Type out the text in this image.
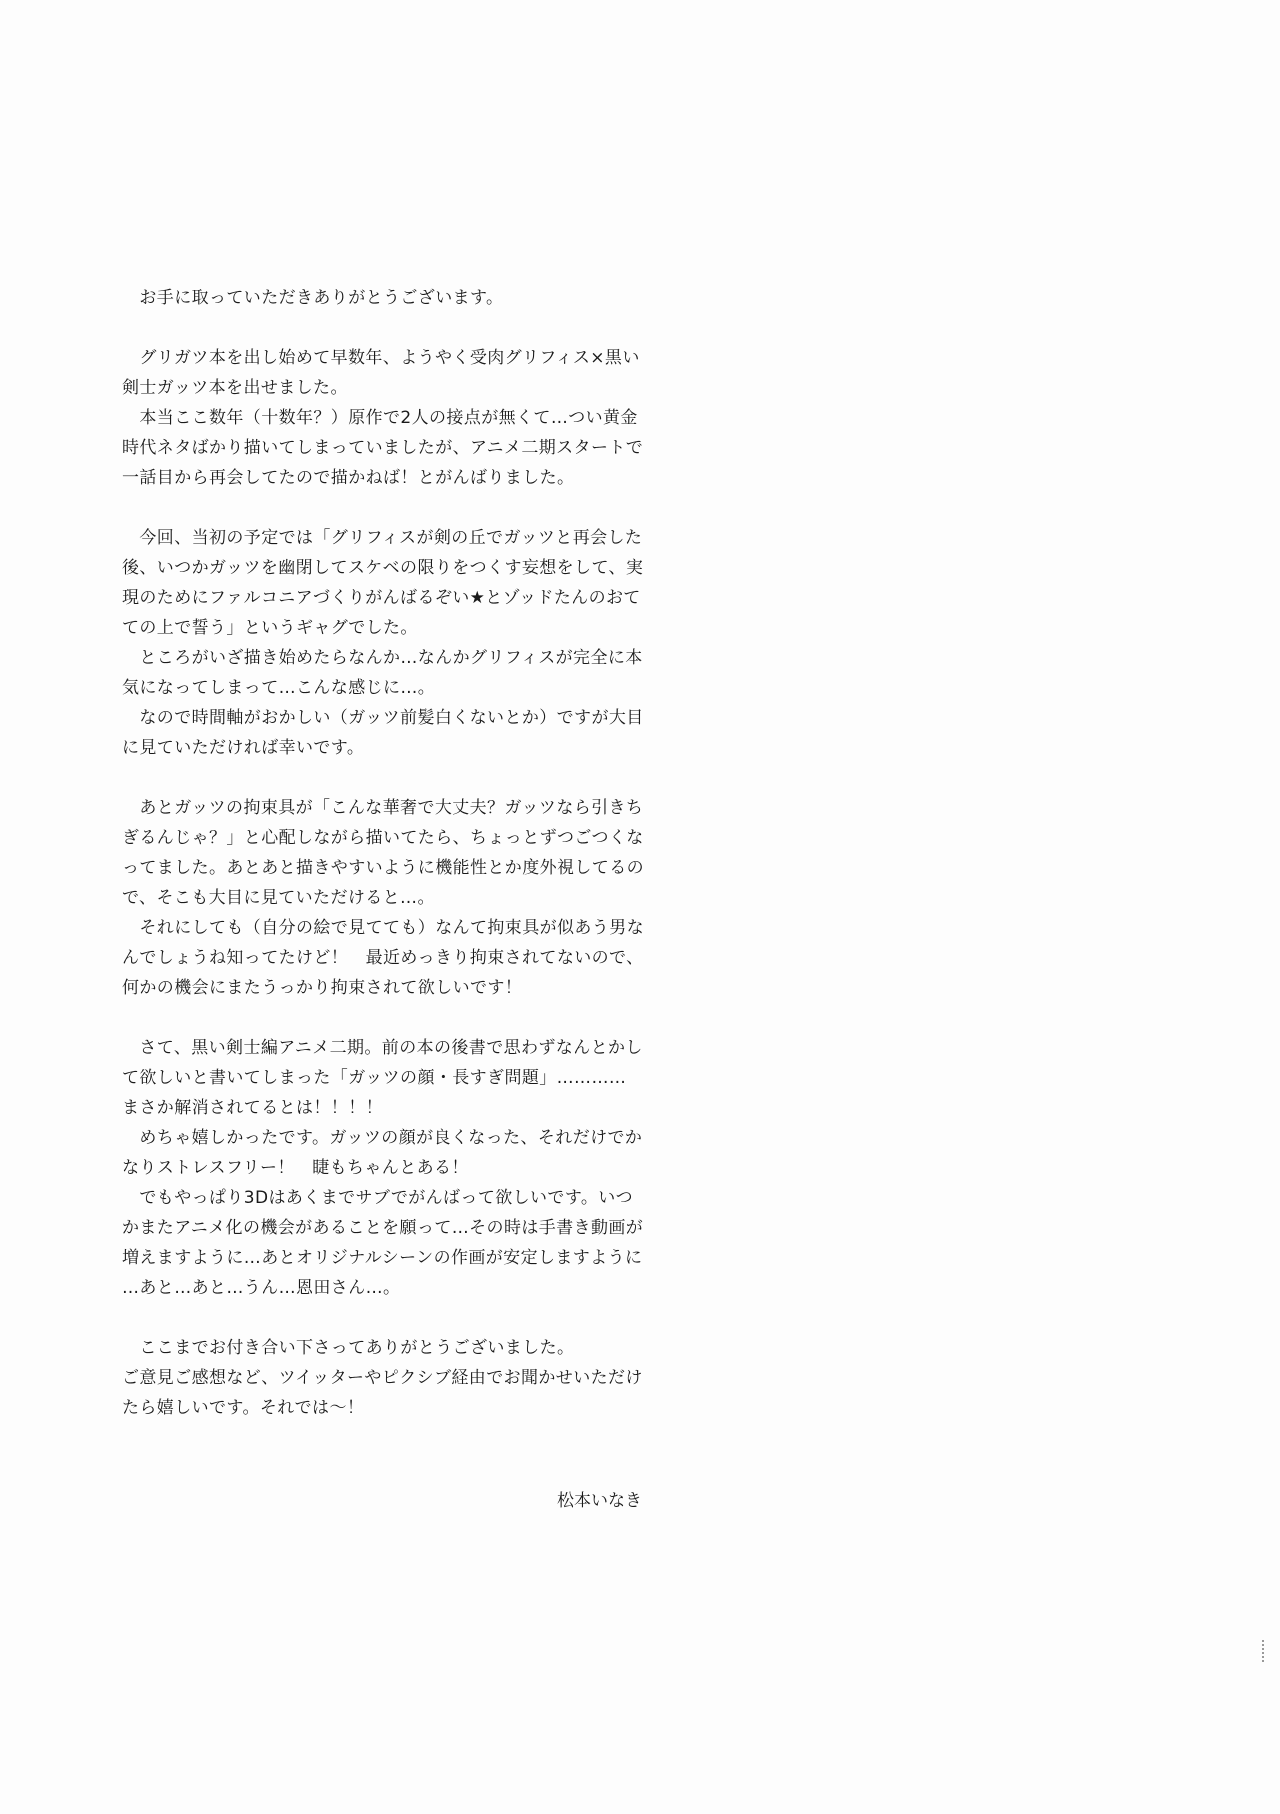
　お手に取っていただきありがとうございます。
　グリガツ本を出し始めて早数年、ようやく受肉グリフィス×黒い
剣士ガッツ本を出せました。
　本当ここ数年（十数年？）原作で2人の接点が無くて…つい黄金
時代ネタばかり描いてしまっていましたが、アニメ二期スタートで
一話目から再会してたので描かねば！とがんばりました。
　今回、当初の予定では「グリフィスが剣の丘でガッツと再会した
後、いつかガッツを幽閉してスケベの限りをつくす妄想をして、実
現のためにファルコニアづくりがんばるぞい★とゾッドたんのおて
ての上で誓う」というギャグでした。
　ところがいざ描き始めたらなんか…なんかグリフィスが完全に本
気になってしまって…こんな感じに…。
　なので時間軸がおかしい（ガッツ前髪白くないとか）ですが大目
に見ていただければ幸いです。
　あとガッツの拘束具が「こんな華奢で大丈夫？ガッツなら引きち
ぎるんじゃ？」と心配しながら描いてたら、ちょっとずつごつくな
ってました。あとあと描きやすいように機能性とか度外視してるの
で、そこも大目に見ていただけると…。
　それにしても（自分の絵で見てても）なんて拘束具が似あう男な
んでしょうね知ってたけど！　最近めっきり拘束されてないので、
何かの機会にまたうっかり拘束されて欲しいです！
　さて、黒い剣士編アニメ二期。前の本の後書で思わずなんとかし
て欲しいと書いてしまった「ガッツの顔・長すぎ問題」…………
まさか解消されてるとは！！！！
　めちゃ嬉しかったです。ガッツの顔が良くなった、それだけでか
なりストレスフリー！　睫もちゃんとある！
　でもやっぱり3Dはあくまでサブでがんばって欲しいです。いつ
かまたアニメ化の機会があることを願って…その時は手書き動画が
増えますように…あとオリジナルシーンの作画が安定しますように
…あと…あと…うん…恩田さん…。
　ここまでお付き合い下さってありがとうございました。
ご意見ご感想など、ツイッターやピクシブ経由でお聞かせいただけ
たら嬉しいです。それでは～！
松本いなき
